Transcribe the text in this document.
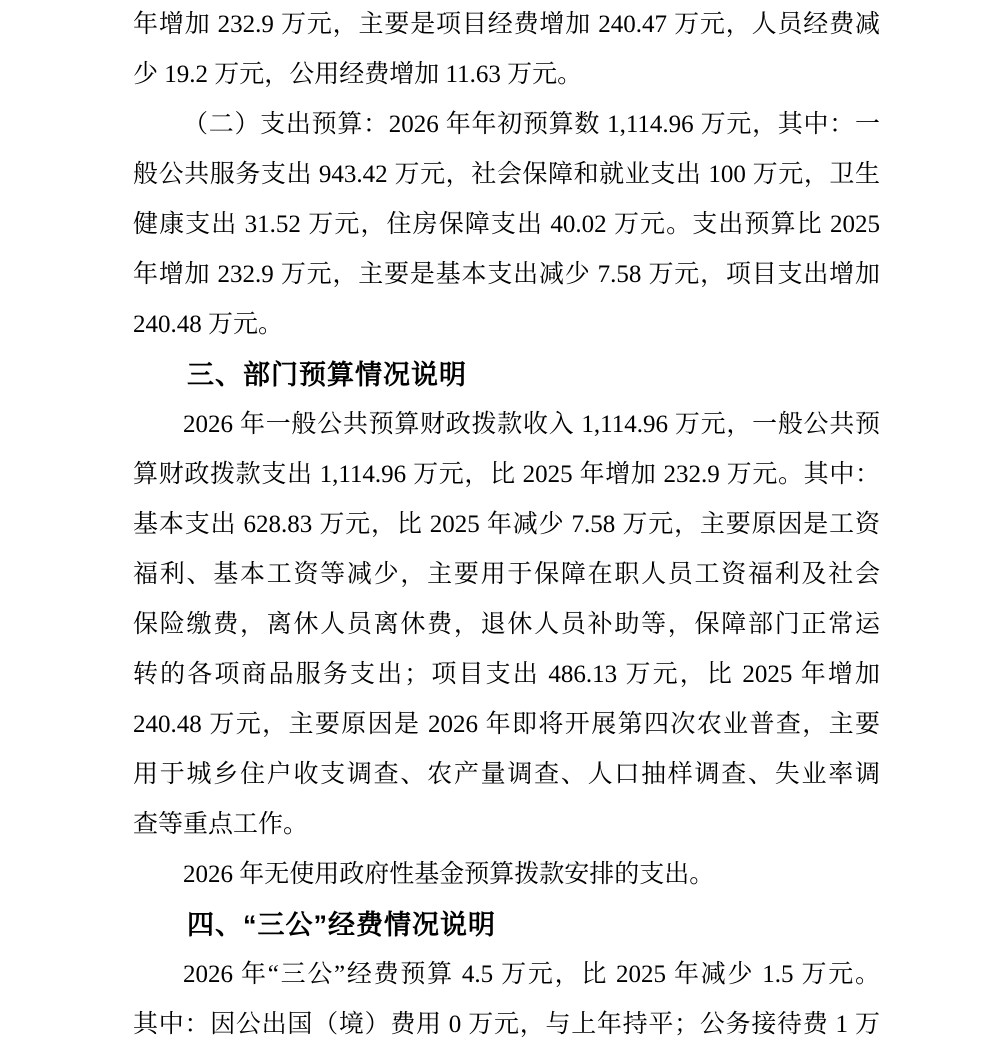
年增加 232.9 万元，主要是项目经费增加 240.47 万元，人员经费减
少 19.2 万元，公用经费增加 11.63 万元。
（二）支出预算：2026 年年初预算数 1,114.96 万元，其中：一
般公共服务支出 943.42 万元，社会保障和就业支出 100 万元，卫生
健康支出 31.52 万元，住房保障支出 40.02 万元。支出预算比 2025
年增加 232.9 万元，主要是基本支出减少 7.58 万元，项目支出增加
240.48 万元。
三、部门预算情况说明
2026 年一般公共预算财政拨款收入 1,114.96 万元，一般公共预
算财政拨款支出 1,114.96 万元，比 2025 年增加 232.9 万元。其中：
基本支出 628.83 万元，比 2025 年减少 7.58 万元，主要原因是工资
福利、基本工资等减少，主要用于保障在职人员工资福利及社会
保险缴费，离休人员离休费，退休人员补助等，保障部门正常运
转的各项商品服务支出；项目支出 486.13 万元，比 2025 年增加
240.48 万元，主要原因是 2026 年即将开展第四次农业普查，主要
用于城乡住户收支调查、农产量调查、人口抽样调查、失业率调
查等重点工作。
2026 年无使用政府性基金预算拨款安排的支出。
四、“三公”经费情况说明
2026 年“三公”经费预算 4.5 万元，比 2025 年减少 1.5 万元。
其中：因公出国（境）费用 0 万元，与上年持平；公务接待费 1 万
